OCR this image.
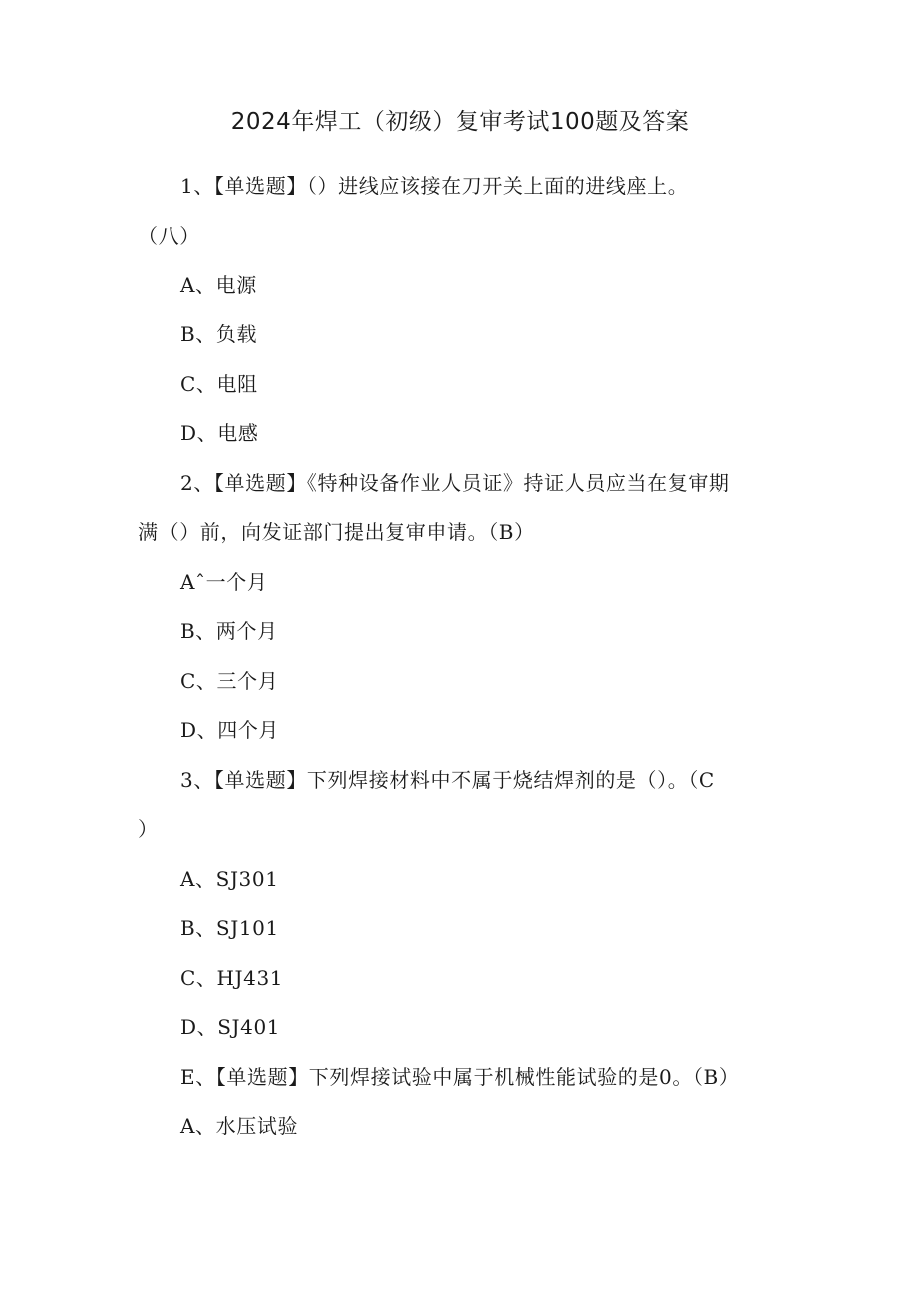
2024年焊工（初级）复审考试100题及答案
1、【单选题】（）进线应该接在刀开关上面的进线座上。
（八）
A、电源
B、负载
C、电阻
D、电感
2、【单选题】《特种设备作业人员证》持证人员应当在复审期
满（）前，向发证部门提出复审申请。（B）
Aˆ一个月
B、两个月
C、三个月
D、四个月
3、【单选题】下列焊接材料中不属于烧结焊剂的是（）。（C
）
A、SJ301
B、SJ101
C、HJ431
D、SJ401
E、【单选题】下列焊接试验中属于机械性能试验的是0。（B）
A、水压试验
